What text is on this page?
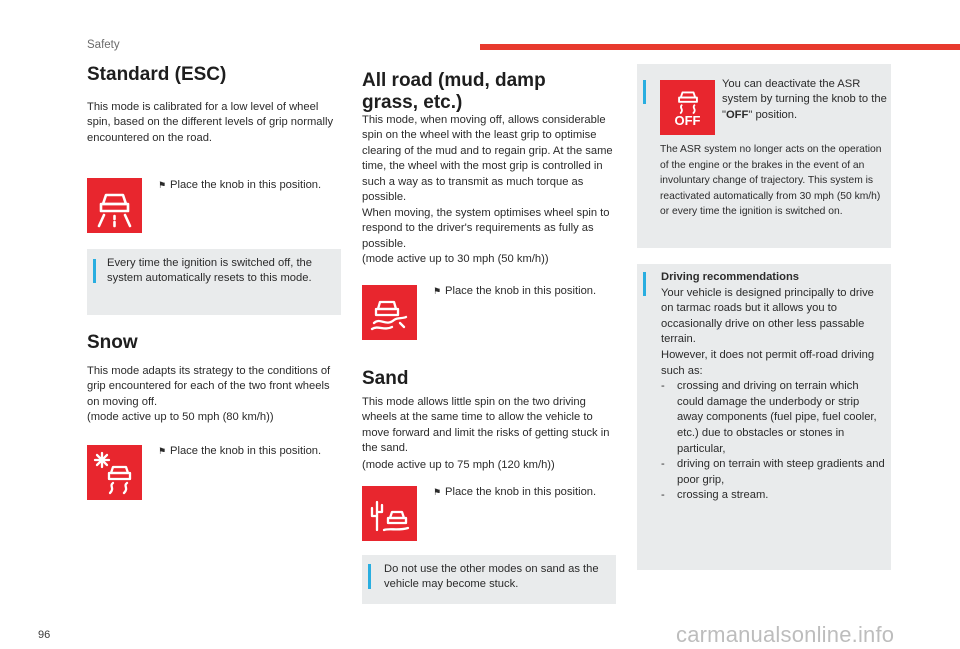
Safety
Standard (ESC)

This mode is calibrated for a low level of wheel spin, based on the different levels of grip normally encountered on the road.

⚑ Place the knob in this position.
Every time the ignition is switched off, the system automatically resets to this mode.
Snow

This mode adapts its strategy to the conditions of grip encountered for each of the two front wheels on moving off.

(mode active up to 50 mph (80 km/h))

⚑ Place the knob in this position.
All road (mud, damp
grass, etc.)

This mode, when moving off, allows considerable spin on the wheel with the least grip to optimise clearing of the mud and to regain grip. At the same time, the wheel with the most grip is controlled in such a way as to transmit as much torque as possible.

When moving, the system optimises wheel spin to respond to the driver's requirements as fully as possible.

(mode active up to 30 mph (50 km/h))

⚑ Place the knob in this position.
Sand

This mode allows little spin on the two driving wheels at the same time to allow the vehicle to move forward and limit the risks of getting stuck in the sand.

(mode active up to 75 mph (120 km/h))

⚑ Place the knob in this position.
Do not use the other modes on sand as the vehicle may become stuck.
OFF
You can deactivate the ASR system by turning the knob to the "OFF" position.

The ASR system no longer acts on the operation of the engine or the brakes in the event of an involuntary change of trajectory. This system is reactivated automatically from 30 mph (50 km/h) or every time the ignition is switched on.

Driving recommendations
Your vehicle is designed principally to drive on tarmac roads but it allows you to occasionally drive on other less passable terrain.
However, it does not permit off-road driving such as:
- crossing and driving on terrain which could damage the underbody or strip away components (fuel pipe, fuel cooler, etc.) due to obstacles or stones in particular,
- driving on terrain with steep gradients and poor grip,
- crossing a stream.
96	carmanualsonline.info
